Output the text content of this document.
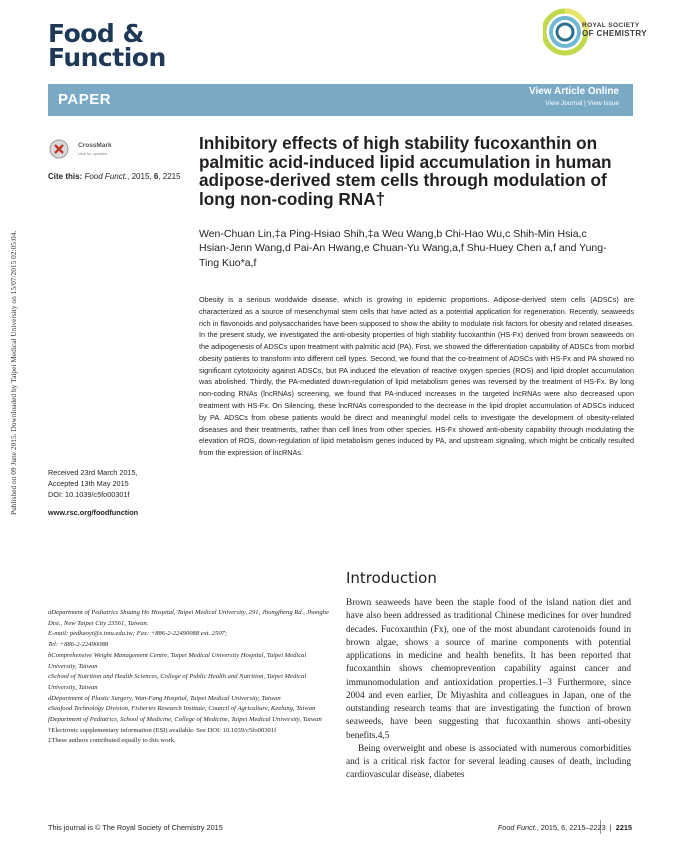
Food &
Function
ROYAL SOCIETY
OF CHEMISTRY
PAPER	View Article Online
View Journal | View Issue
CrossMark
click for updates
Cite this: Food Funct., 2015, 6, 2215
Inhibitory effects of high stability fucoxanthin on palmitic acid-induced lipid accumulation in human adipose-derived stem cells through modulation of long non-coding RNA†
Wen-Chuan Lin,‡a Ping-Hsiao Shih,‡a Weu Wang,b Chi-Hao Wu,c Shih-Min Hsia,c Hsian-Jenn Wang,d Pai-An Hwang,e Chuan-Yu Wang,a,f Shu-Huey Chen a,f and Yung-Ting Kuo*a,f
Obesity is a serious worldwide disease, which is growing in epidemic proportions. Adipose-derived stem cells (ADSCs) are characterized as a source of mesenchymal stem cells that have acted as a potential application for regeneration. Recently, seaweeds rich in flavonoids and polysaccharides have been supposed to show the ability to modulate risk factors for obesity and related diseases. In the present study, we investigated the anti-obesity properties of high stability fucoxanthin (HS-Fx) derived from brown seaweeds on the adipogenesis of ADSCs upon treatment with palmitic acid (PA). First, we showed the differentiation capability of ADSCs from morbid obesity patients to transform into different cell types. Second, we found that the co-treatment of ADSCs with HS-Fx and PA showed no significant cytotoxicity against ADSCs, but PA induced the elevation of reactive oxygen species (ROS) and lipid droplet accumulation was abolished. Thirdly, the PA-mediated down-regulation of lipid metabolism genes was reversed by the treatment of HS-Fx. By long non-coding RNAs (lncRNAs) screening, we found that PA-induced increases in the targeted lncRNAs were also decreased upon treatment with HS-Fx. On Silencing, these lncRNAs corresponded to the decrease in the lipid droplet accumulation of ADSCs induced by PA. ADSCs from obese patients would be direct and meaningful model cells to investigate the development of obesity-related diseases and their treatments, rather than cell lines from other species. HS-Fx showed anti-obesity capability through modulating the elevation of ROS, down-regulation of lipid metabolism genes induced by PA, and upstream signaling, which might be critically resulted from the expression of lncRNAs.
Received 23rd March 2015,
Accepted 13th May 2015
DOI: 10.1039/c5fo00301f
www.rsc.org/foodfunction
Published on 09 June 2015. Downloaded by Taipei Medical University on 15/07/2015 02:05:04.
Introduction

Brown seaweeds have been the staple food of the island nation diet and have also been addressed as traditional Chinese medicines for over hundred decades. Fucoxanthin (Fx), one of the most abundant carotenoids found in brown algae, shows a source of marine components with potential applications in medicine and health benefits. It has been reported that fucoxanthin shows chemoprevention capability against cancer and immunomodulation and antioxidation properties.1–3 Furthermore, since 2004 and even earlier, Dr Miyashita and colleagues in Japan, one of the outstanding research teams that are investigating the function of brown seaweeds, have been suggesting that fucoxanthin shows anti-obesity benefits.4,5

Being overweight and obese is associated with numerous comorbidities and is a critical risk factor for several leading causes of death, including cardiovascular disease, diabetes

aDepartment of Pediatrics Shuang Ho Hospital, Taipei Medical University, 291, Jhongjheng Rd., Jhonghe Dist., New Taipei City 23561, Taiwan.
E-mail: pedkuoyt@s.tmu.edu.tw; Fax: +886-2-22490088 ext. 2507;
Tel: +886-2-22490088
bComprehensive Weight Management Centre, Taipei Medical University Hospital, Taipei Medical University, Taiwan
cSchool of Nutrition and Health Sciences, College of Public Health and Nutrition, Taipei Medical University, Taiwan
dDepartment of Plastic Surgery, Wan-Fang Hospital, Taipei Medical University, Taiwan
eSeafood Technology Division, Fisheries Research Institute, Council of Agriculture, Keelung, Taiwan
fDepartment of Pediatrics, School of Medicine, College of Medicine, Taipei Medical University, Taiwan
†Electronic supplementary information (ESI) available. See DOI: 10.1039/c5fo00301f
‡These authors contributed equally to this work.
This journal is © The Royal Society of Chemistry 2015	Food Funct., 2015, 6, 2215–2223  |  2215
